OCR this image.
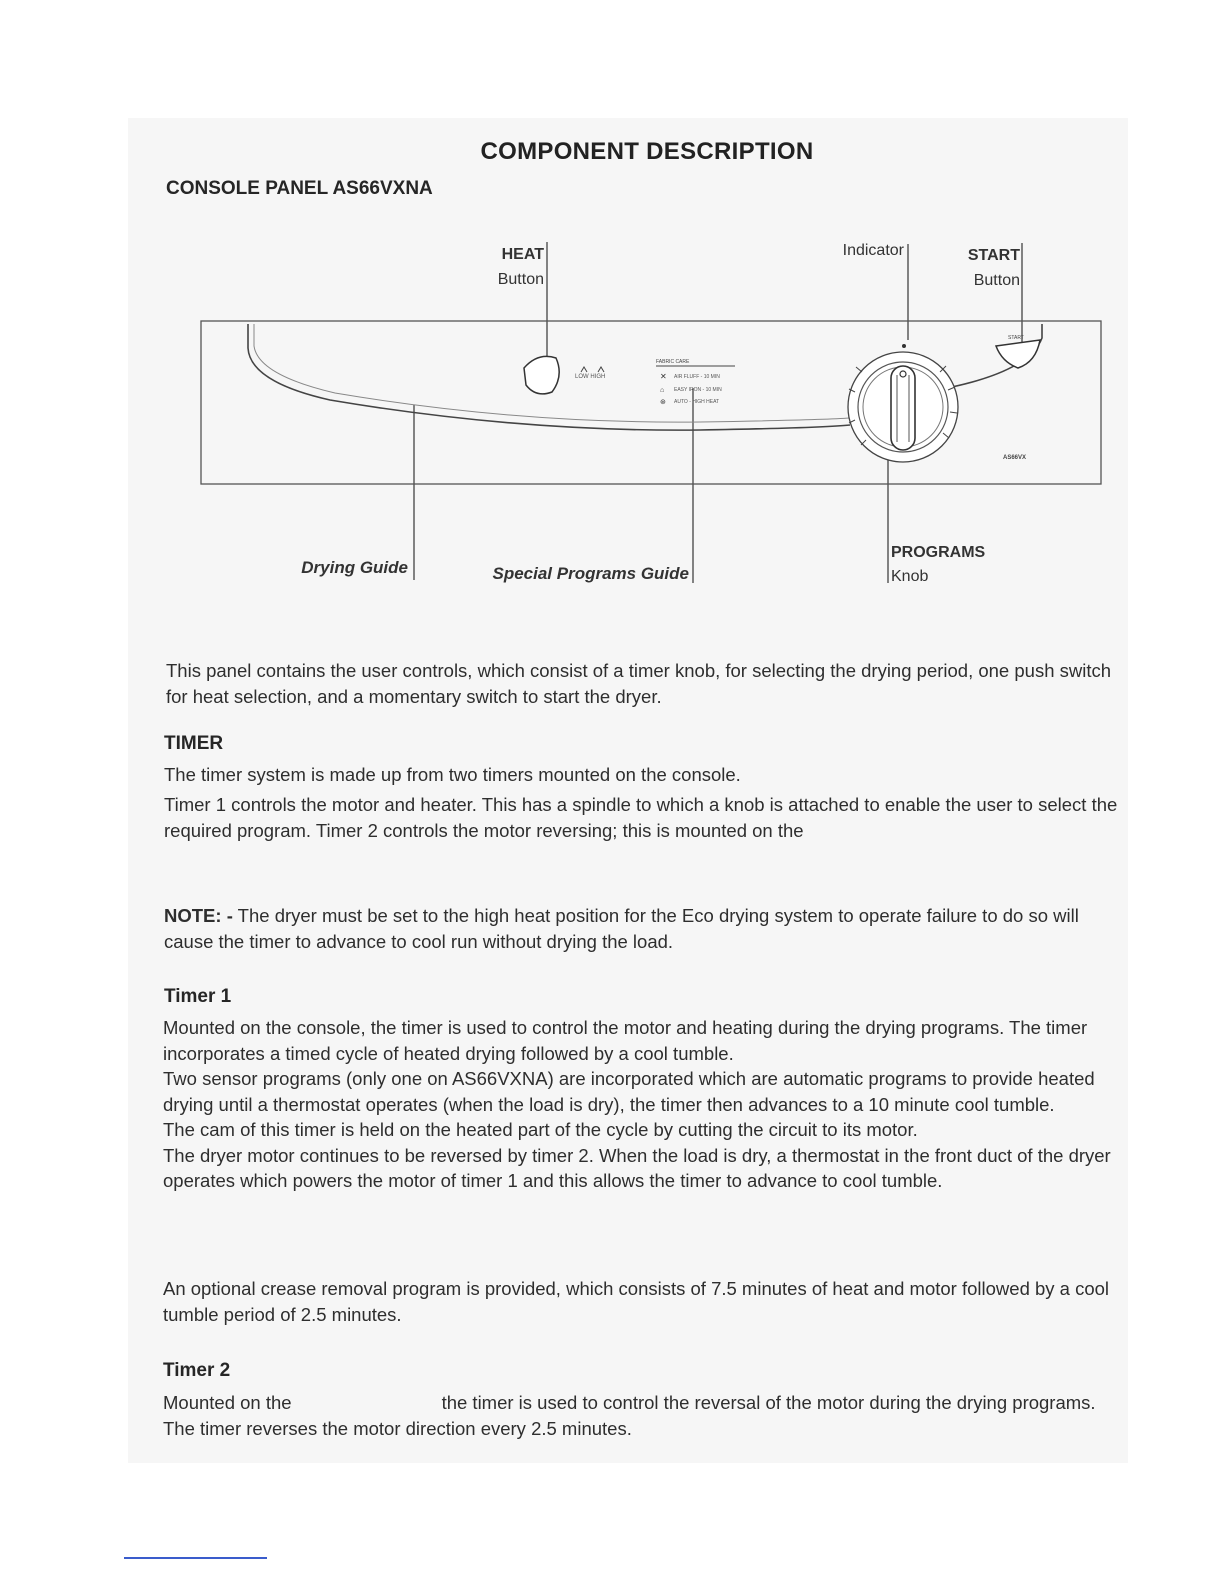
COMPONENT DESCRIPTION
CONSOLE PANEL AS66VXNA
HEAT
Button
Indicator	START
Button
PROGRAMS
Knob
Drying Guide	Special Programs Guide
LOW HIGH
FABRIC CARE
✕ AIR FLUFF - 10 MIN
⌂ EASY IRON - 10 MIN
⊛ AUTO - HIGH HEAT
START
AS66VX
This panel contains the user controls, which consist of a timer knob, for selecting the drying period, one push switch for heat selection, and a momentary switch to start the dryer.
TIMER
The timer system is made up from two timers mounted on the console.
Timer 1 controls the motor and heater. This has a spindle to which a knob is attached to enable the user to select the required program. Timer 2 controls the motor reversing; this is mounted on the
NOTE: - The dryer must be set to the high heat position for the Eco drying system to operate failure to do so will cause the timer to advance to cool run without drying the load.
Timer 1
Mounted on the console, the timer is used to control the motor and heating during the drying programs. The timer incorporates a timed cycle of heated drying followed by a cool tumble.
Two sensor programs (only one on AS66VXNA) are incorporated which are automatic programs to provide heated drying until a thermostat operates (when the load is dry), the timer then advances to a 10 minute cool tumble.
The cam of this timer is held on the heated part of the cycle by cutting the circuit to its motor.
The dryer motor continues to be reversed by timer 2. When the load is dry, a thermostat in the front duct of the dryer operates which powers the motor of timer 1 and this allows the timer to advance to cool tumble.
An optional crease removal program is provided, which consists of 7.5 minutes of heat and motor followed by a cool tumble period of 2.5 minutes.
Timer 2
Mounted on the	the timer is used to control the reversal of the motor during the drying programs. The timer reverses the motor direction every 2.5 minutes.
